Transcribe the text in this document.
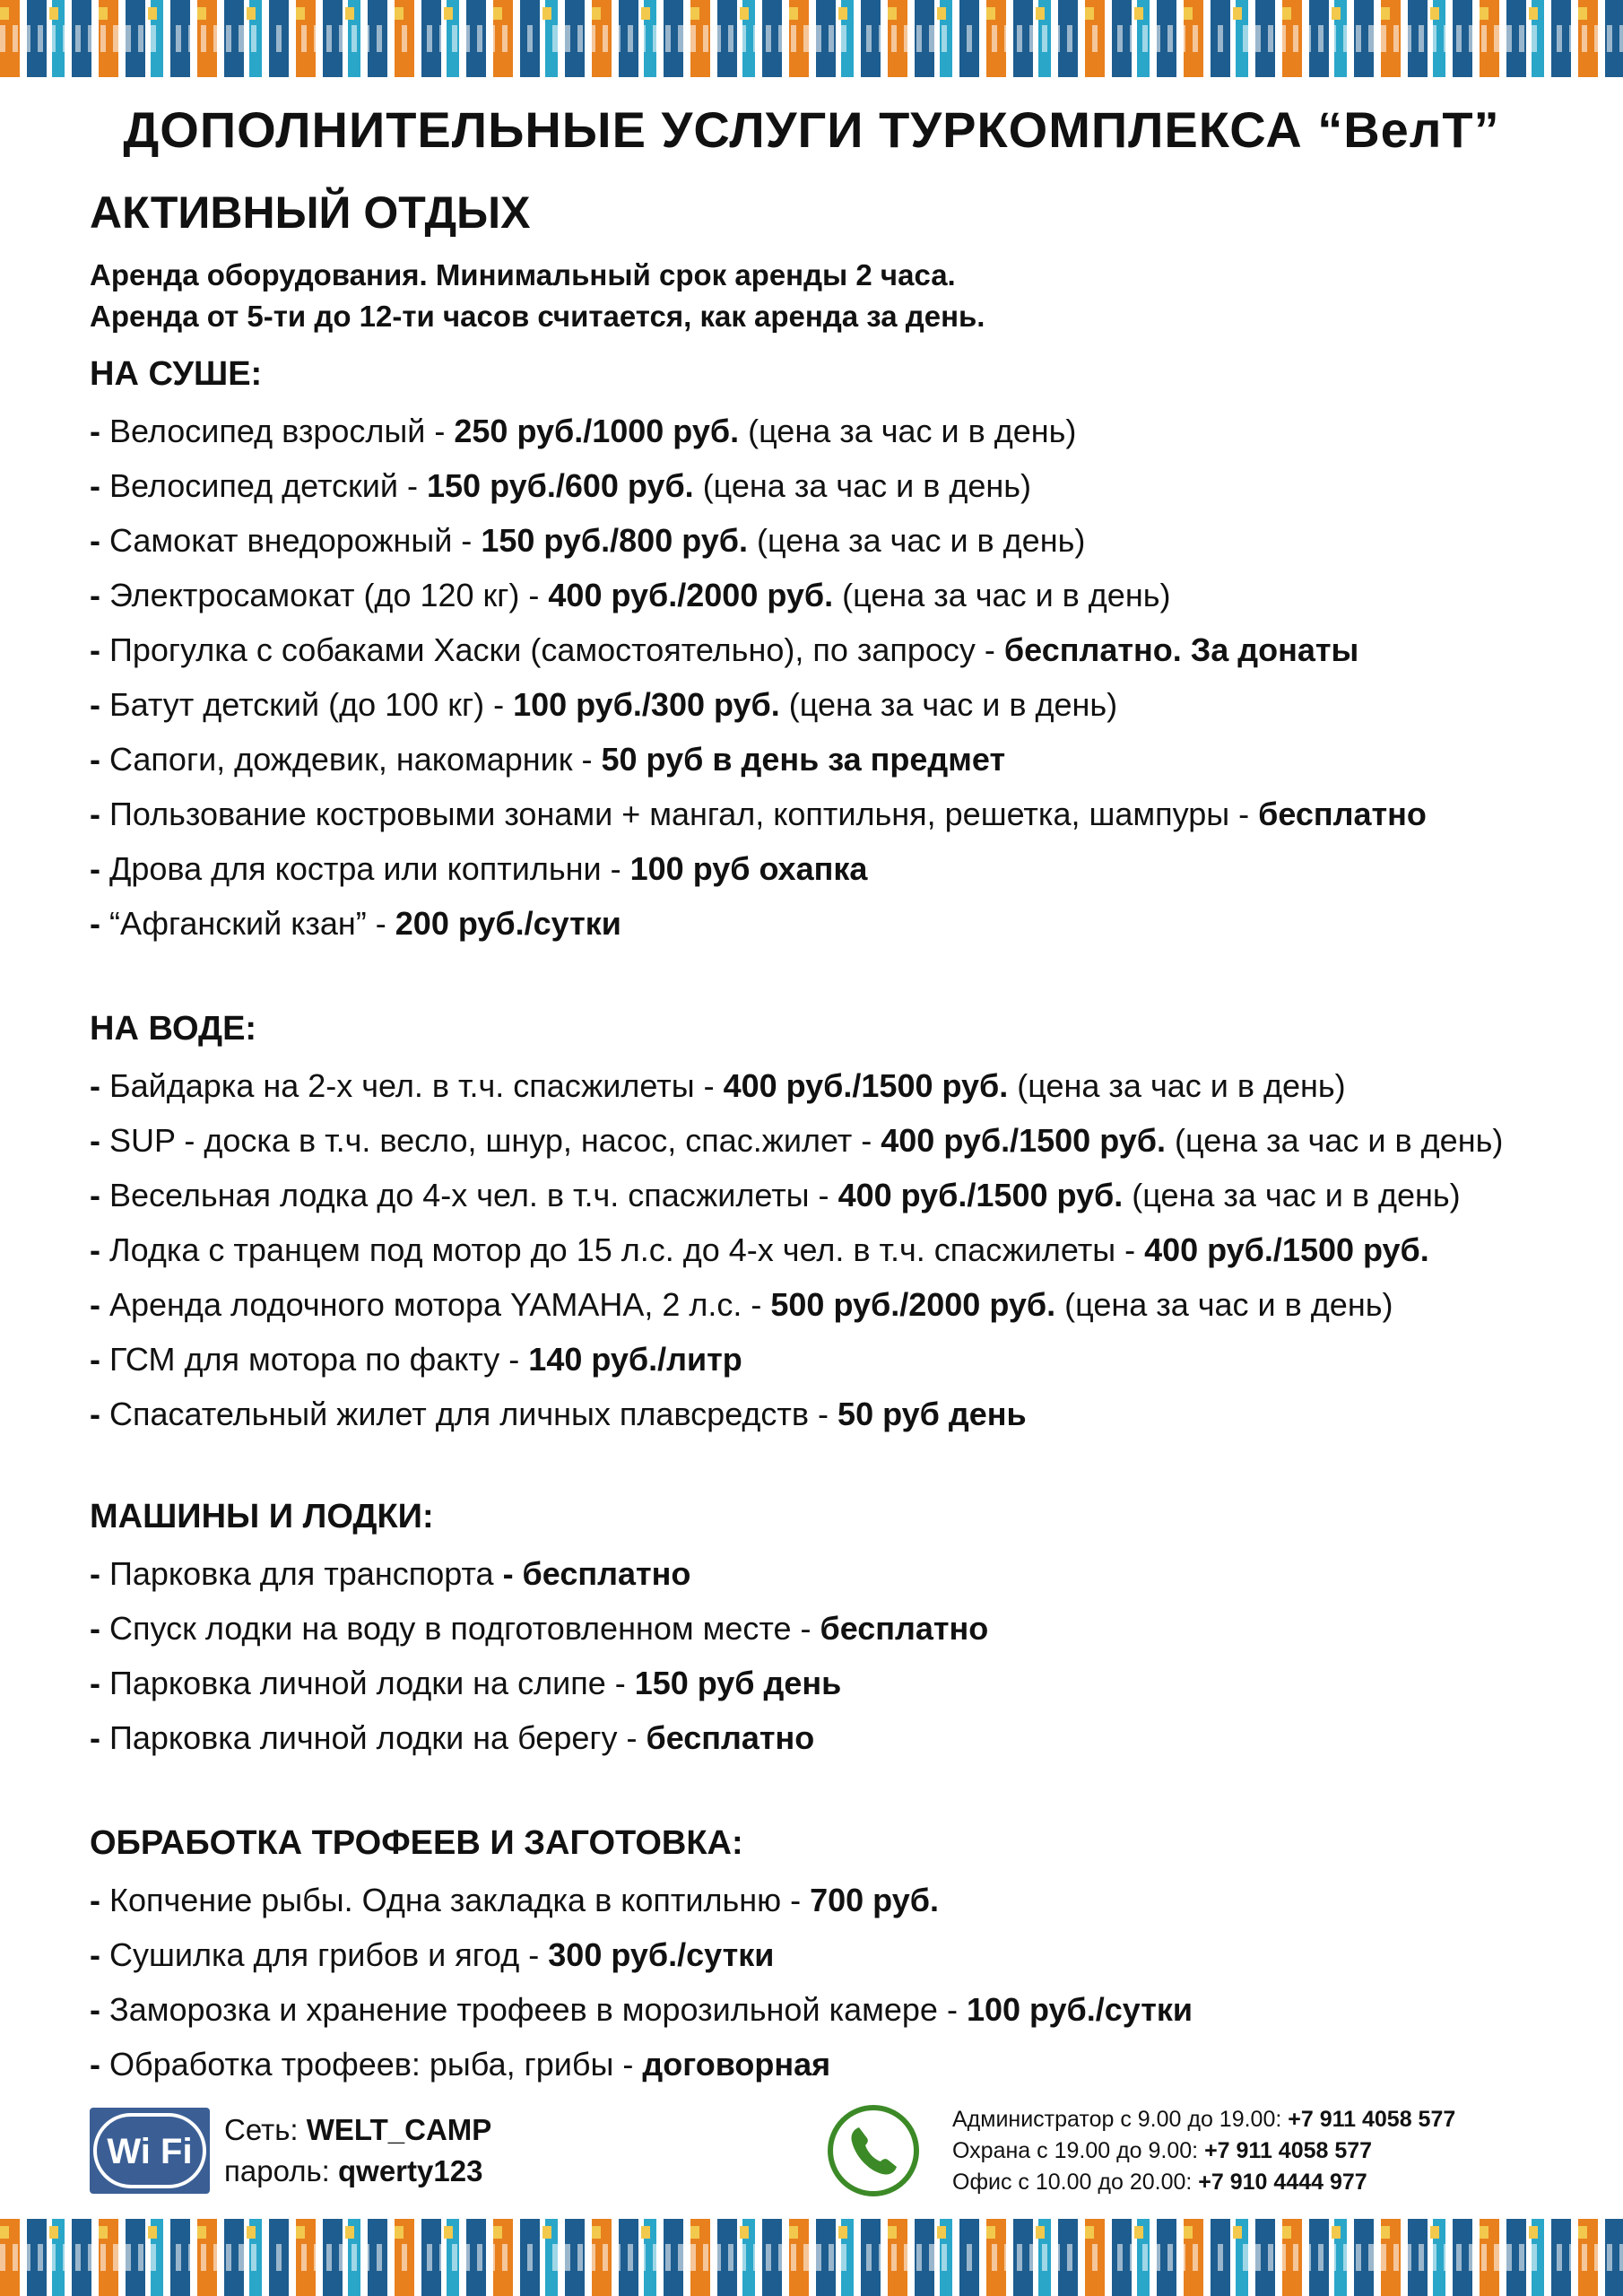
ДОПОЛНИТЕЛЬНЫЕ УСЛУГИ ТУРКОМПЛЕКСА “ВелТ”
АКТИВНЫЙ ОТДЫХ

Аренда оборудования. Минимальный срок аренды 2 часа.
Аренда от 5-ти до 12-ти часов считается, как аренда за день.

НА СУШЕ:
- Велосипед взрослый - 250 руб./1000 руб. (цена за час и в день)
- Велосипед детский - 150 руб./600 руб. (цена за час и в день)
- Самокат внедорожный - 150 руб./800 руб. (цена за час и в день)
- Электросамокат (до 120 кг) - 400 руб./2000 руб. (цена за час и в день)
- Прогулка с собаками Хаски (самостоятельно), по запросу - бесплатно. За донаты
- Батут детский (до 100 кг) - 100 руб./300 руб. (цена за час и в день)
- Сапоги, дождевик, накомарник - 50 руб в день за предмет
- Пользование костровыми зонами + мангал, коптильня, решетка, шампуры - бесплатно
- Дрова для костра или коптильни - 100 руб охапка
- “Афганский кзан” - 200 руб./сутки
НА ВОДЕ:
- Байдарка на 2-х чел. в т.ч. спасжилеты - 400 руб./1500 руб. (цена за час и в день)
- SUP - доска в т.ч. весло, шнур, насос, спас.жилет - 400 руб./1500 руб. (цена за час и в день)
- Весельная лодка до 4-х чел. в т.ч. спасжилеты - 400 руб./1500 руб. (цена за час и в день)
- Лодка с транцем под мотор до 15 л.с. до 4-х чел. в т.ч. спасжилеты - 400 руб./1500 руб.
- Аренда лодочного мотора YAMAHA, 2 л.с. - 500 руб./2000 руб. (цена за час и в день)
- ГСМ для мотора по факту - 140 руб./литр
- Спасательный жилет для личных плавсредств - 50 руб день
МАШИНЫ И ЛОДКИ:
- Парковка для транспорта - бесплатно
- Спуск лодки на воду в подготовленном месте - бесплатно
- Парковка личной лодки на слипе - 150 руб день
- Парковка личной лодки на берегу - бесплатно
ОБРАБОТКА ТРОФЕЕВ И ЗАГОТОВКА:
- Копчение рыбы. Одна закладка в коптильню - 700 руб.
- Сушилка для грибов и ягод - 300 руб./сутки
- Заморозка и хранение трофеев в морозильной камере - 100 руб./сутки
- Обработка трофеев: рыба, грибы - договорная
Wi Fi
Сеть: WELT_CAMP
пароль: qwerty123
Администратор с 9.00 до 19.00: +7 911 4058 577
Охрана с 19.00 до 9.00: +7 911 4058 577
Офис с 10.00 до 20.00: +7 910 4444 977
